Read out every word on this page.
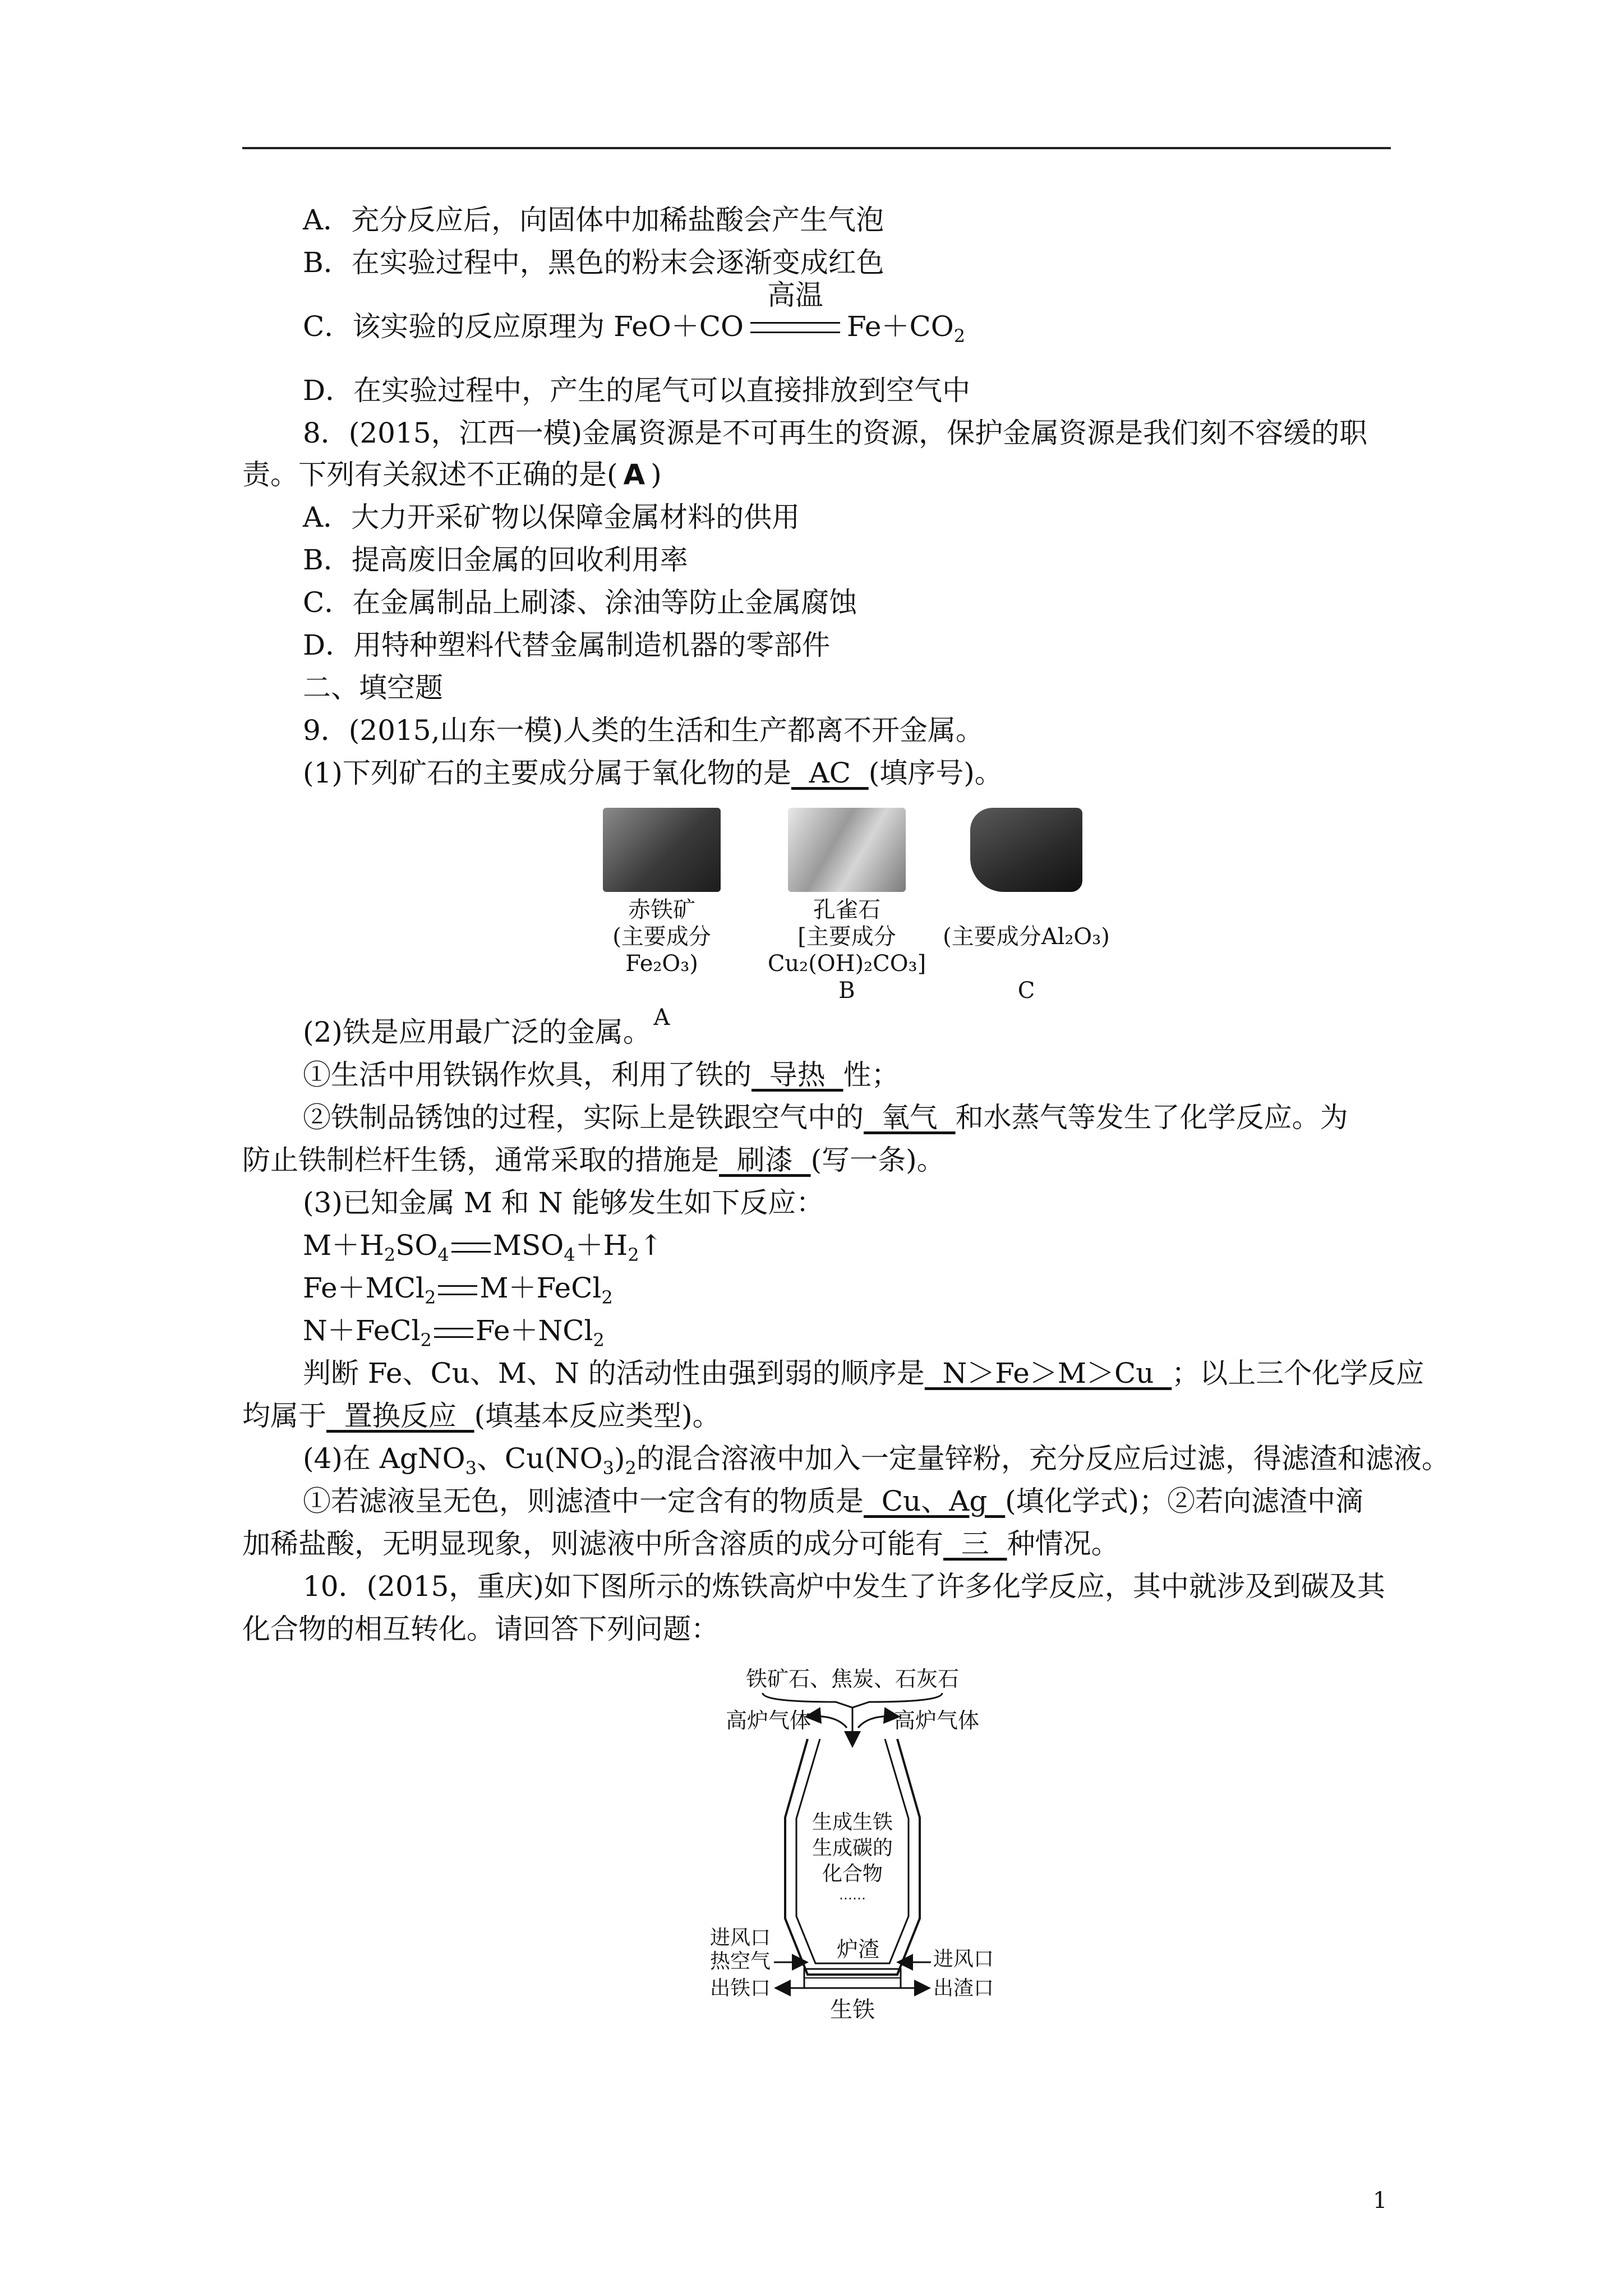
A．充分反应后，向固体中加稀盐酸会产生气泡
B．在实验过程中，黑色的粉末会逐渐变成红色
C．该实验的反应原理为 FeO＋CO
高温
$Fe+CO_2$
D．在实验过程中，产生的尾气可以直接排放到空气中
8．(2015，江西一模)金属资源是不可再生的资源，保护金属资源是我们刻不容缓的职
责。下列有关叙述不正确的是( A )
A．大力开采矿物以保障金属材料的供用
B．提高废旧金属的回收利用率
C．在金属制品上刷漆、涂油等防止金属腐蚀
D．用特种塑料代替金属制造机器的零部件
二、填空题
9．(2015,山东一模)人类的生活和生产都离不开金属。
(1)下列矿石的主要成分属于氧化物的是  AC  (填序号)。
赤铁矿
(主要成分Fe₂O₃)
A
孔雀石
[主要成分
Cu₂(OH)₂CO₃]
B
(主要成分Al₂O₃)
C
(2)铁是应用最广泛的金属。
①生活中用铁锅作炊具，利用了铁的  导热  性；
②铁制品锈蚀的过程，实际上是铁跟空气中的  氧气  和水蒸气等发生了化学反应。为
防止铁制栏杆生锈，通常采取的措施是  刷漆  (写一条)。
(3)已知金属 M 和 N 能够发生如下反应：
$M+H_2SO_4$ $MSO_4+H_2↑$
Fe＋MCl$_2$ M＋FeCl$_2$
N＋FeCl$_2$ Fe＋NCl$_2$
判断 Fe、Cu、M、N 的活动性由强到弱的顺序是  N＞Fe＞M＞Cu  ；以上三个化学反应
均属于  置换反应  (填基本反应类型)。
(4)在 AgNO$_3$、$Cu(NO_3)_2$的混合溶液中加入一定量锌粉，充分反应后过滤，得滤渣和滤液。
①若滤液呈无色，则滤渣中一定含有的物质是  Cu、Ag  (填化学式)；②若向滤渣中滴
加稀盐酸，无明显现象，则滤液中所含溶质的成分可能有  三  种情况。
10．(2015，重庆)如下图所示的炼铁高炉中发生了许多化学反应，其中就涉及到碳及其
化合物的相互转化。请回答下列问题：
铁矿石、焦炭、石灰石
高炉气体	高炉气体
生成生铁
生成碳的
化合物
……
进风口
热空气	炉渣	进风口
出铁口	出渣口
生铁
1
